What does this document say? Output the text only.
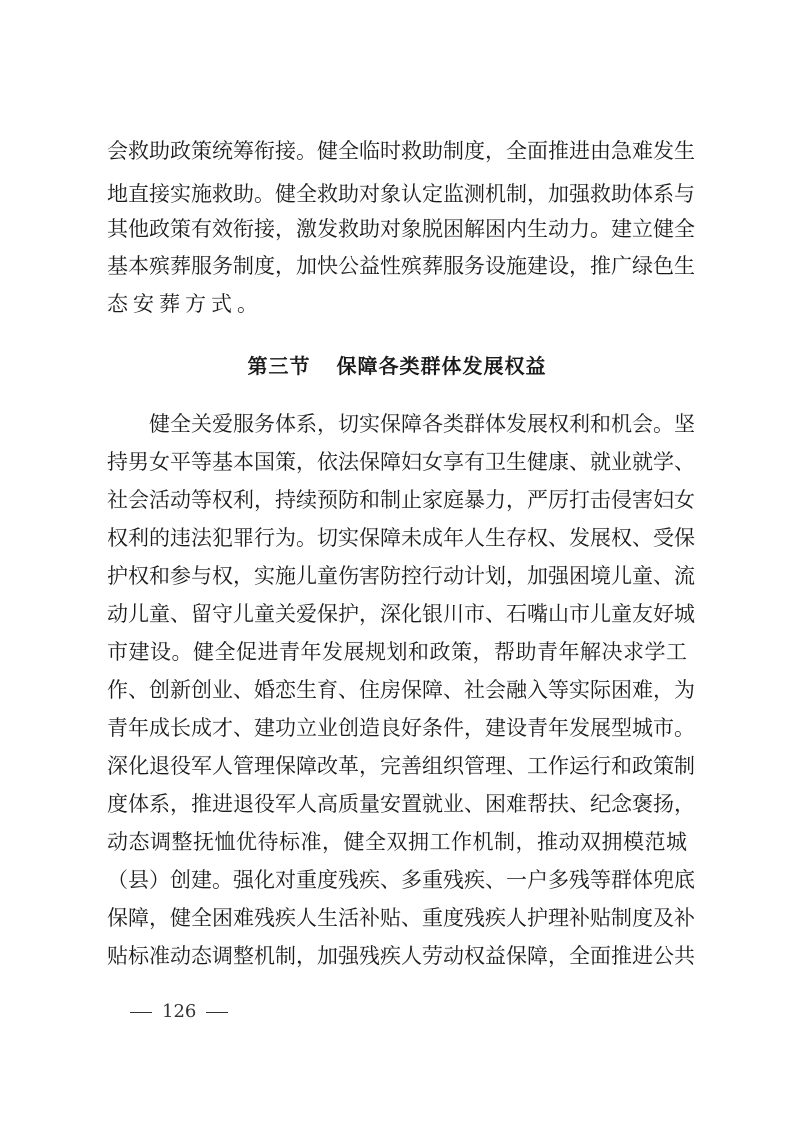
会救助政策统筹衔接。健全临时救助制度，全面推进由急难发生
地直接实施救助。健全救助对象认定监测机制，加强救助体系与
其他政策有效衔接，激发救助对象脱困解困内生动力。建立健全
基本殡葬服务制度，加快公益性殡葬服务设施建设，推广绿色生
态安葬方式。
第三节 保障各类群体发展权益
　　健全关爱服务体系，切实保障各类群体发展权利和机会。坚
持男女平等基本国策，依法保障妇女享有卫生健康、就业就学、
社会活动等权利，持续预防和制止家庭暴力，严厉打击侵害妇女
权利的违法犯罪行为。切实保障未成年人生存权、发展权、受保
护权和参与权，实施儿童伤害防控行动计划，加强困境儿童、流
动儿童、留守儿童关爱保护，深化银川市、石嘴山市儿童友好城
市建设。健全促进青年发展规划和政策，帮助青年解决求学工
作、创新创业、婚恋生育、住房保障、社会融入等实际困难，为
青年成长成才、建功立业创造良好条件，建设青年发展型城市。
深化退役军人管理保障改革，完善组织管理、工作运行和政策制
度体系，推进退役军人高质量安置就业、困难帮扶、纪念褒扬，
动态调整抚恤优待标准，健全双拥工作机制，推动双拥模范城
（县）创建。强化对重度残疾、多重残疾、一户多残等群体兜底
保障，健全困难残疾人生活补贴、重度残疾人护理补贴制度及补
贴标准动态调整机制，加强残疾人劳动权益保障，全面推进公共
126
